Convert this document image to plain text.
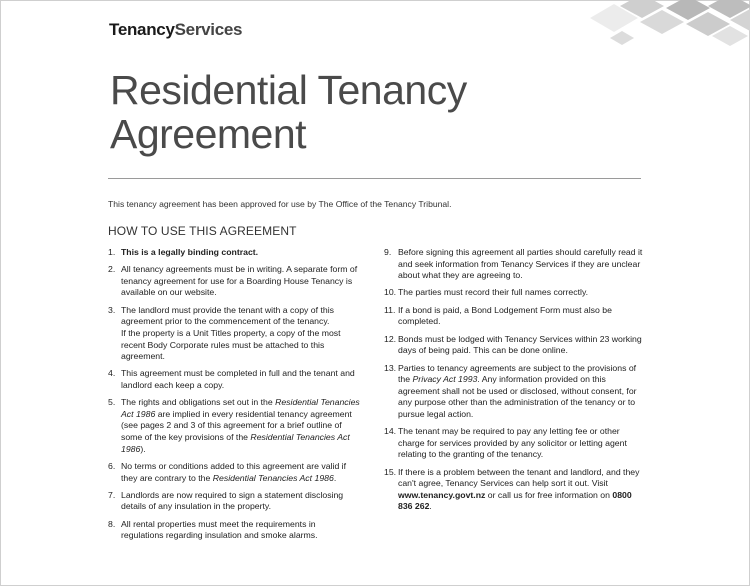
TenancyServices
Residential Tenancy
Agreement
This tenancy agreement has been approved for use by The Office of the Tenancy Tribunal.
HOW TO USE THIS AGREEMENT
1. This is a legally binding contract.
2. All tenancy agreements must be in writing. A separate form of tenancy agreement for use for a Boarding House Tenancy is available on our website.
3. The landlord must provide the tenant with a copy of this agreement prior to the commencement of the tenancy.
If the property is a Unit Titles property, a copy of the most recent Body Corporate rules must be attached to this agreement.
4. This agreement must be completed in full and the tenant and landlord each keep a copy.
5. The rights and obligations set out in the Residential Tenancies Act 1986 are implied in every residential tenancy agreement (see pages 2 and 3 of this agreement for a brief outline of some of the key provisions of the Residential Tenancies Act 1986).
6. No terms or conditions added to this agreement are valid if they are contrary to the Residential Tenancies Act 1986.
7. Landlords are now required to sign a statement disclosing details of any insulation in the property.
8. All rental properties must meet the requirements in regulations regarding insulation and smoke alarms.
9. Before signing this agreement all parties should carefully read it and seek information from Tenancy Services if they are unclear about what they are agreeing to.
10. The parties must record their full names correctly.
11. If a bond is paid, a Bond Lodgement Form must also be completed.
12. Bonds must be lodged with Tenancy Services within 23 working days of being paid. This can be done online.
13. Parties to tenancy agreements are subject to the provisions of the Privacy Act 1993. Any information provided on this agreement shall not be used or disclosed, without consent, for any purpose other than the administration of the tenancy or to pursue legal action.
14. The tenant may be required to pay any letting fee or other charge for services provided by any solicitor or letting agent relating to the granting of the tenancy.
15. If there is a problem between the tenant and landlord, and they can't agree, Tenancy Services can help sort it out. Visit www.tenancy.govt.nz or call us for free information on 0800 836 262.
